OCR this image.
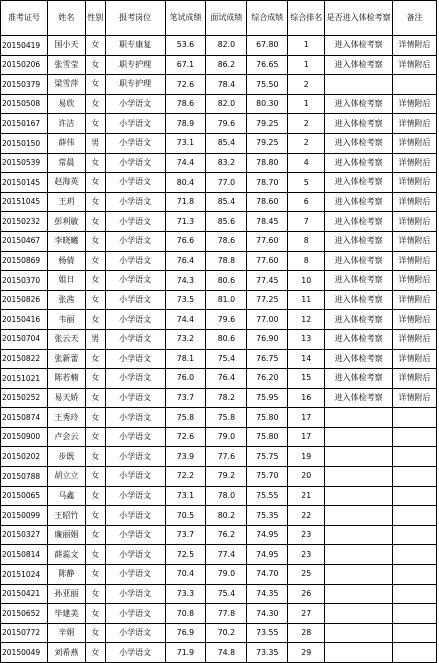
准考证号	姓名	性别	报考岗位	笔试成绩	面试成绩	综合成绩	综合排名	是否进入体检考察	备注
20150419	国小天	女	职专康复	53.6	82.0	67.80	1	进入体检考察	详情附后
20150206	张雪莹	女	职专护理	67.1	86.2	76.65	1	进入体检考察	详情附后
20150379	梁雪萍	女	职专护理	72.6	78.4	75.50	2		
20150508	易欣	女	小学语文	78.6	82.0	80.30	1	进入体检考察	详情附后
20150167	许洁	女	小学语文	78.9	79.6	79.25	2	进入体检考察	详情附后
20150150	薛伟	男	小学语文	73.1	85.4	79.25	2	进入体检考察	详情附后
20150539	常晨	女	小学语文	74.4	83.2	78.80	4	进入体检考察	详情附后
20150145	赵海英	女	小学语文	80.4	77.0	78.70	5	进入体检考察	详情附后
20151045	王玥	女	小学语文	71.8	85.4	78.60	6	进入体检考察	详情附后
20150232	彭利敏	女	小学语文	71.3	85.6	78.45	7	进入体检考察	详情附后
20150467	李晓曦	女	小学语文	76.6	78.6	77.60	8	进入体检考察	详情附后
20150869	杨倩	女	小学语文	76.4	78.8	77.60	8	进入体检考察	详情附后
20150370	姐日	女	小学语文	74.3	80.6	77.45	10	进入体检考察	详情附后
20150826	张茜	女	小学语文	73.5	81.0	77.25	11	进入体检考察	详情附后
20150416	韦丽	女	小学语文	74.4	79.6	77.00	12	进入体检考察	详情附后
20150704	张云天	男	小学语文	73.2	80.6	76.90	13	进入体检考察	详情附后
20150822	张新蕾	女	小学语文	78.1	75.4	76.75	14	进入体检考察	详情附后
20151021	陈若楠	女	小学语文	76.0	76.4	76.20	15	进入体检考察	详情附后
20150252	易天娇	女	小学语文	73.7	78.2	75.95	16	进入体检考察	详情附后
20150874	王秀玲	女	小学语文	75.8	75.8	75.80	17		
20150900	卢会云	女	小学语文	72.6	79.0	75.80	17		
20150202	步既	女	小学语文	73.9	77.6	75.75	19		
20150788	胡立立	女	小学语文	72.2	79.2	75.70	20		
20150065	马鑫	女	小学语文	73.1	78.0	75.55	21		
20150099	王昭竹	女	小学语文	70.5	80.2	75.35	22		
20150327	廉丽娟	女	小学语文	73.7	76.2	74.95	23		
20150814	薛蕊文	女	小学语文	72.5	77.4	74.95	23		
20151024	陈静	女	小学语文	70.4	79.0	74.70	25		
20150421	孙亚丽	女	小学语文	73.3	75.4	74.35	26		
20150652	毕建美	女	小学语文	70.8	77.8	74.30	27		
20150772	辛娟	女	小学语文	76.9	70.2	73.55	28		
20150049	刘希燕	女	小学语文	71.9	74.8	73.35	29		
